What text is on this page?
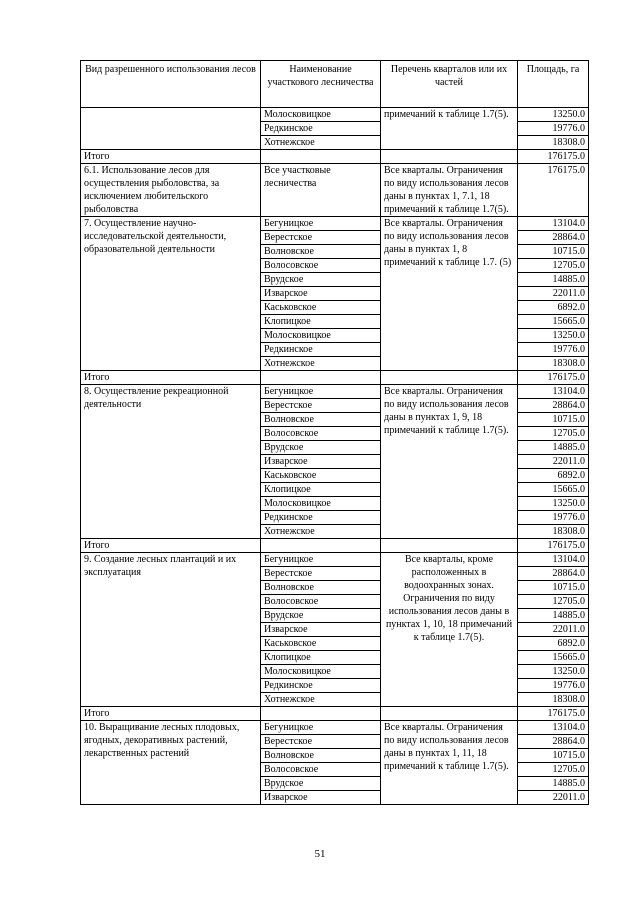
Вид разрешенного использования лесов	Наименование участкового лесничества	Перечень кварталов или их частей	Площадь, га
	Молосковицкое	примечаний к таблице 1.7(5).	13250.0
	Редкинское		19776.0
	Хотнежское		18308.0
Итого			176175.0
6.1. Использование лесов для осуществления рыболовства, за исключением любительского рыболовства	Все участковые лесничества	Все кварталы. Ограничения по виду использования лесов даны в пунктах 1, 7.1, 18 примечаний к таблице 1.7(5).	176175.0
7. Осуществление научно-исследовательской деятельности, образовательной деятельности	Бегуницкое	Все кварталы. Ограничения по виду использования лесов даны в пунктах 1, 8 примечаний к таблице 1.7. (5)	13104.0
	Верестское		28864.0
	Волновское		10715.0
	Волосовское		12705.0
	Врудское		14885.0
	Изварское		22011.0
	Каськовское		6892.0
	Клопицкое		15665.0
	Молосковицкое		13250.0
	Редкинское		19776.0
	Хотнежское		18308.0
Итого			176175.0
8. Осуществление рекреационной деятельности	Бегуницкое	Все кварталы. Ограничения по виду использования лесов даны в пунктах 1, 9, 18 примечаний к таблице 1.7(5).	13104.0
	Верестское		28864.0
	Волновское		10715.0
	Волосовское		12705.0
	Врудское		14885.0
	Изварское		22011.0
	Каськовское		6892.0
	Клопицкое		15665.0
	Молосковицкое		13250.0
	Редкинское		19776.0
	Хотнежское		18308.0
Итого			176175.0
9. Создание лесных плантаций и их эксплуатация	Бегуницкое	Все кварталы, кроме расположенных в водоохранных зонах. Ограничения по виду использования лесов даны в пунктах 1, 10, 18 примечаний к таблице 1.7(5).	13104.0
	Верестское		28864.0
	Волновское		10715.0
	Волосовское		12705.0
	Врудское		14885.0
	Изварское		22011.0
	Каськовское		6892.0
	Клопицкое		15665.0
	Молосковицкое		13250.0
	Редкинское		19776.0
	Хотнежское		18308.0
Итого			176175.0
10. Выращивание лесных плодовых, ягодных, декоративных растений, лекарственных растений	Бегуницкое	Все кварталы. Ограничения по виду использования лесов даны в пунктах 1, 11, 18 примечаний к таблице 1.7(5).	13104.0
	Верестское		28864.0
	Волновское		10715.0
	Волосовское		12705.0
	Врудское		14885.0
	Изварское		22011.0
51
